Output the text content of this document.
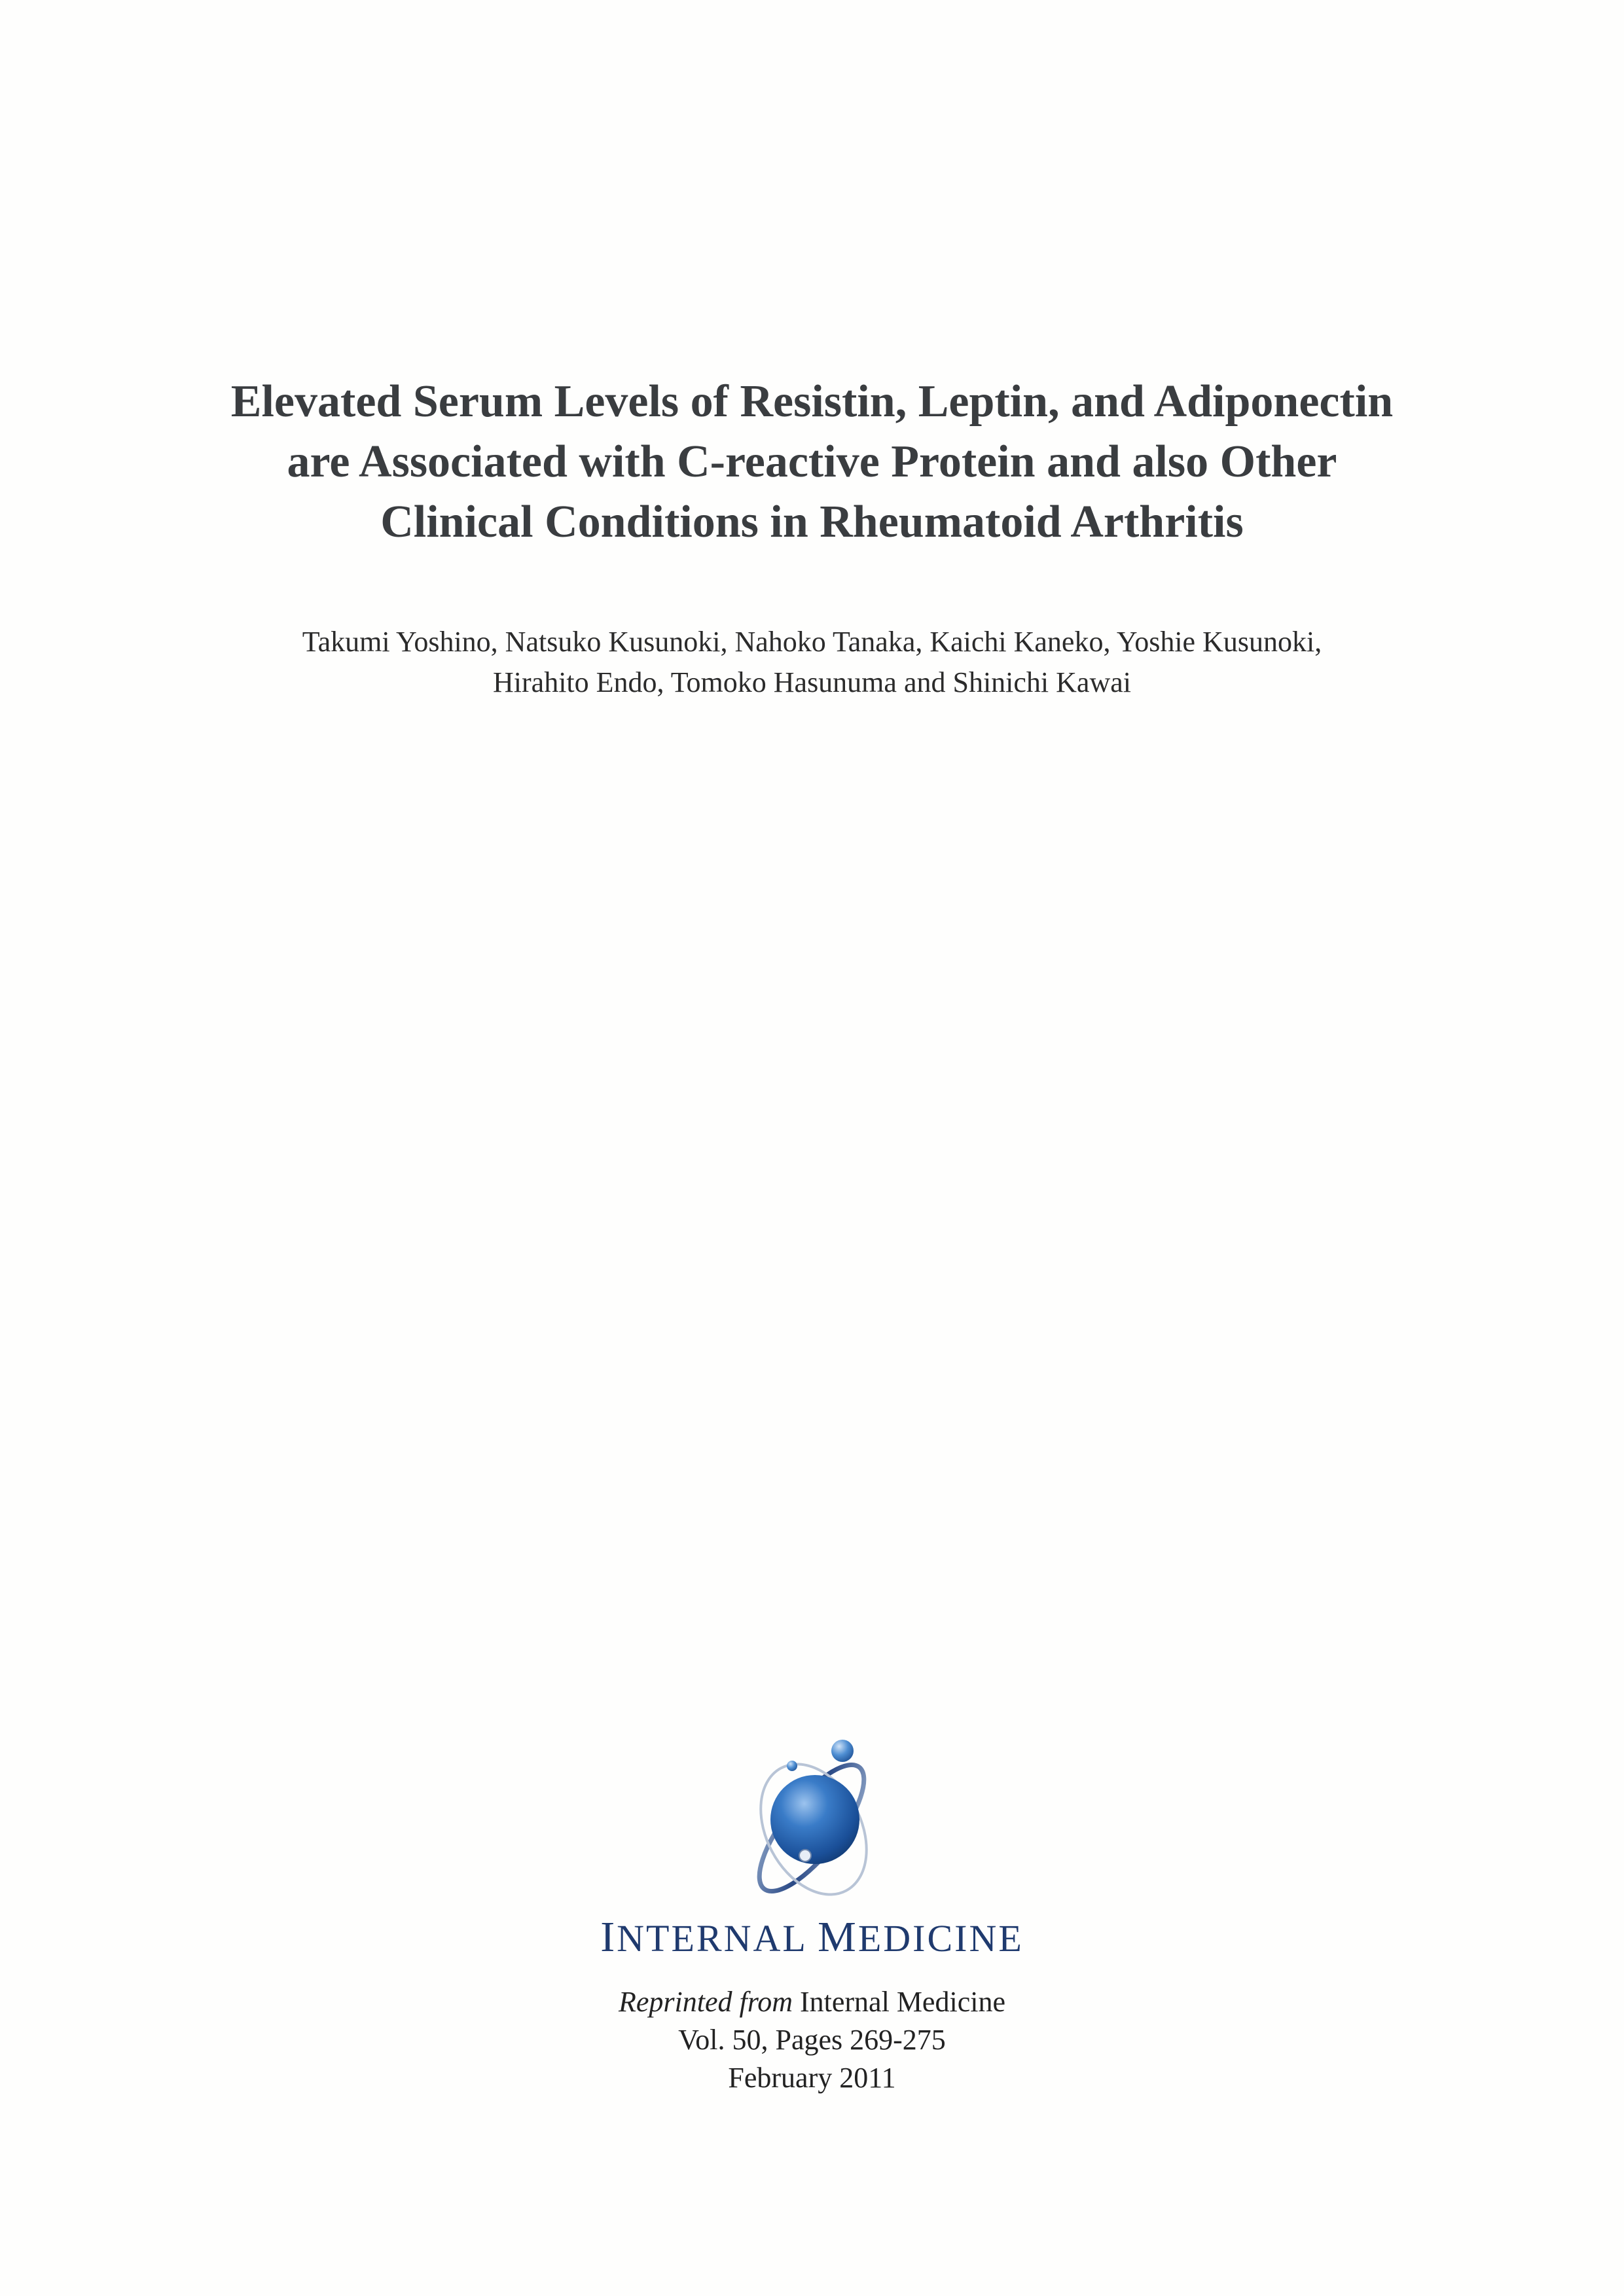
Elevated Serum Levels of Resistin, Leptin, and Adiponectin
are Associated with C-reactive Protein and also Other
Clinical Conditions in Rheumatoid Arthritis
Takumi Yoshino, Natsuko Kusunoki, Nahoko Tanaka, Kaichi Kaneko, Yoshie Kusunoki,
Hirahito Endo, Tomoko Hasunuma and Shinichi Kawai
INTERNAL MEDICINE
Reprinted from Internal Medicine
Vol. 50, Pages 269-275
February 2011
